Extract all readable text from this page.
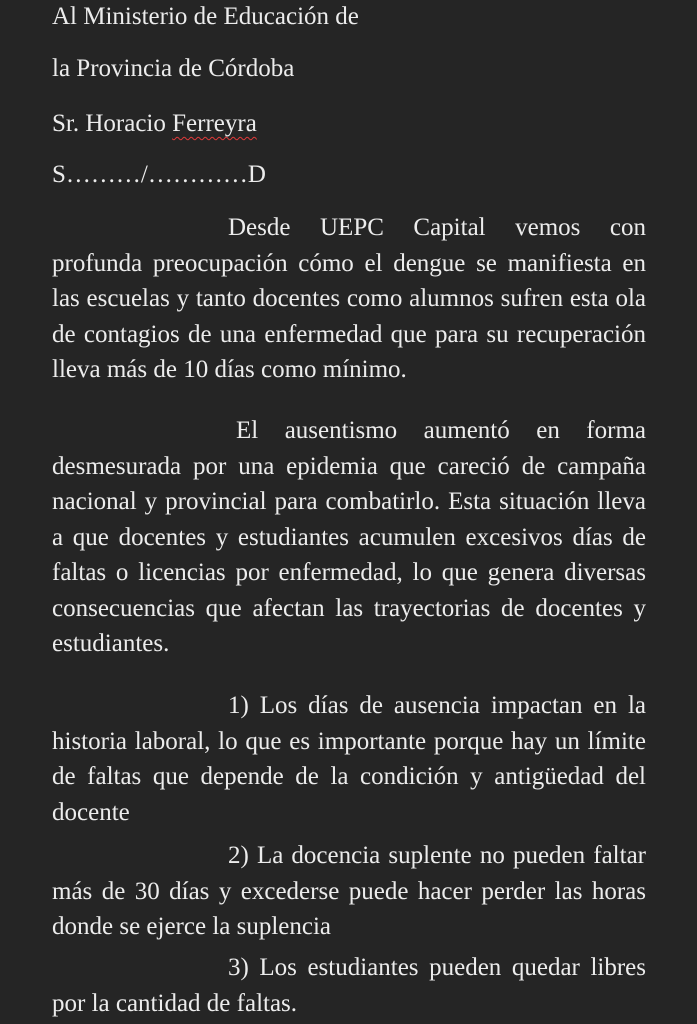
Al Ministerio de Educación de
la Provincia de Córdoba
Sr. Horacio Ferreyra
S………/…………D
Desde UEPC Capital vemos con profunda preocupación cómo el dengue se manifiesta en las escuelas y tanto docentes como alumnos sufren esta ola de contagios de una enfermedad que para su recuperación lleva más de 10 días como mínimo.
El ausentismo aumentó en forma desmesurada por una epidemia que careció de campaña nacional y provincial para combatirlo. Esta situación lleva a que docentes y estudiantes acumulen excesivos días de faltas o licencias por enfermedad, lo que genera diversas consecuencias que afectan las trayectorias de docentes y estudiantes.
1) Los días de ausencia impactan en la historia laboral, lo que es importante porque hay un límite de faltas que depende de la condición y antigüedad del docente
2) La docencia suplente no pueden faltar más de 30 días y excederse puede hacer perder las horas donde se ejerce la suplencia
3) Los estudiantes pueden quedar libres por la cantidad de faltas.
